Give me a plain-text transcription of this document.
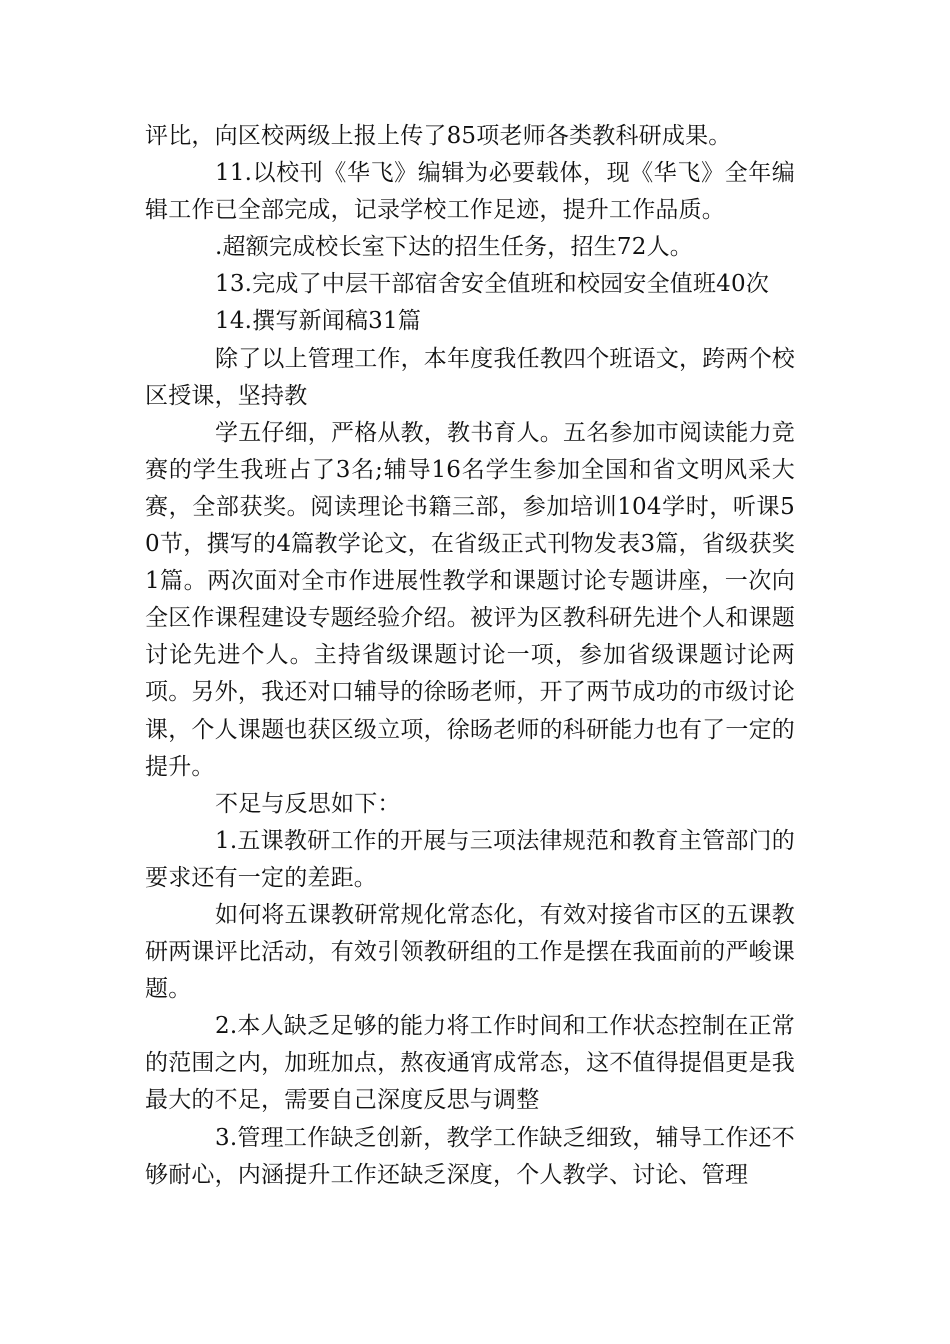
评比，向区校两级上报上传了85项老师各类教科研成果。

11.以校刊《华飞》编辑为必要载体，现《华飞》全年编辑工作已全部完成，记录学校工作足迹，提升工作品质。

.超额完成校长室下达的招生任务，招生72人。

13.完成了中层干部宿舍安全值班和校园安全值班40次

14.撰写新闻稿31篇

除了以上管理工作，本年度我任教四个班语文，跨两个校区授课，坚持教

学五仔细，严格从教，教书育人。五名参加市阅读能力竞赛的学生我班占了3名;辅导16名学生参加全国和省文明风采大赛，全部获奖。阅读理论书籍三部，参加培训104学时，听课50节，撰写的4篇教学论文，在省级正式刊物发表3篇，省级获奖1篇。两次面对全市作进展性教学和课题讨论专题讲座，一次向全区作课程建设专题经验介绍。被评为区教科研先进个人和课题讨论先进个人。主持省级课题讨论一项，参加省级课题讨论两项。另外，我还对口辅导的徐旸老师，开了两节成功的市级讨论课，个人课题也获区级立项，徐旸老师的科研能力也有了一定的提升。

不足与反思如下：

1.五课教研工作的开展与三项法律规范和教育主管部门的要求还有一定的差距。

如何将五课教研常规化常态化，有效对接省市区的五课教研两课评比活动，有效引领教研组的工作是摆在我面前的严峻课题。

2.本人缺乏足够的能力将工作时间和工作状态控制在正常的范围之内，加班加点，熬夜通宵成常态，这不值得提倡更是我最大的不足，需要自己深度反思与调整

3.管理工作缺乏创新，教学工作缺乏细致，辅导工作还不够耐心，内涵提升工作还缺乏深度，个人教学、讨论、管理
